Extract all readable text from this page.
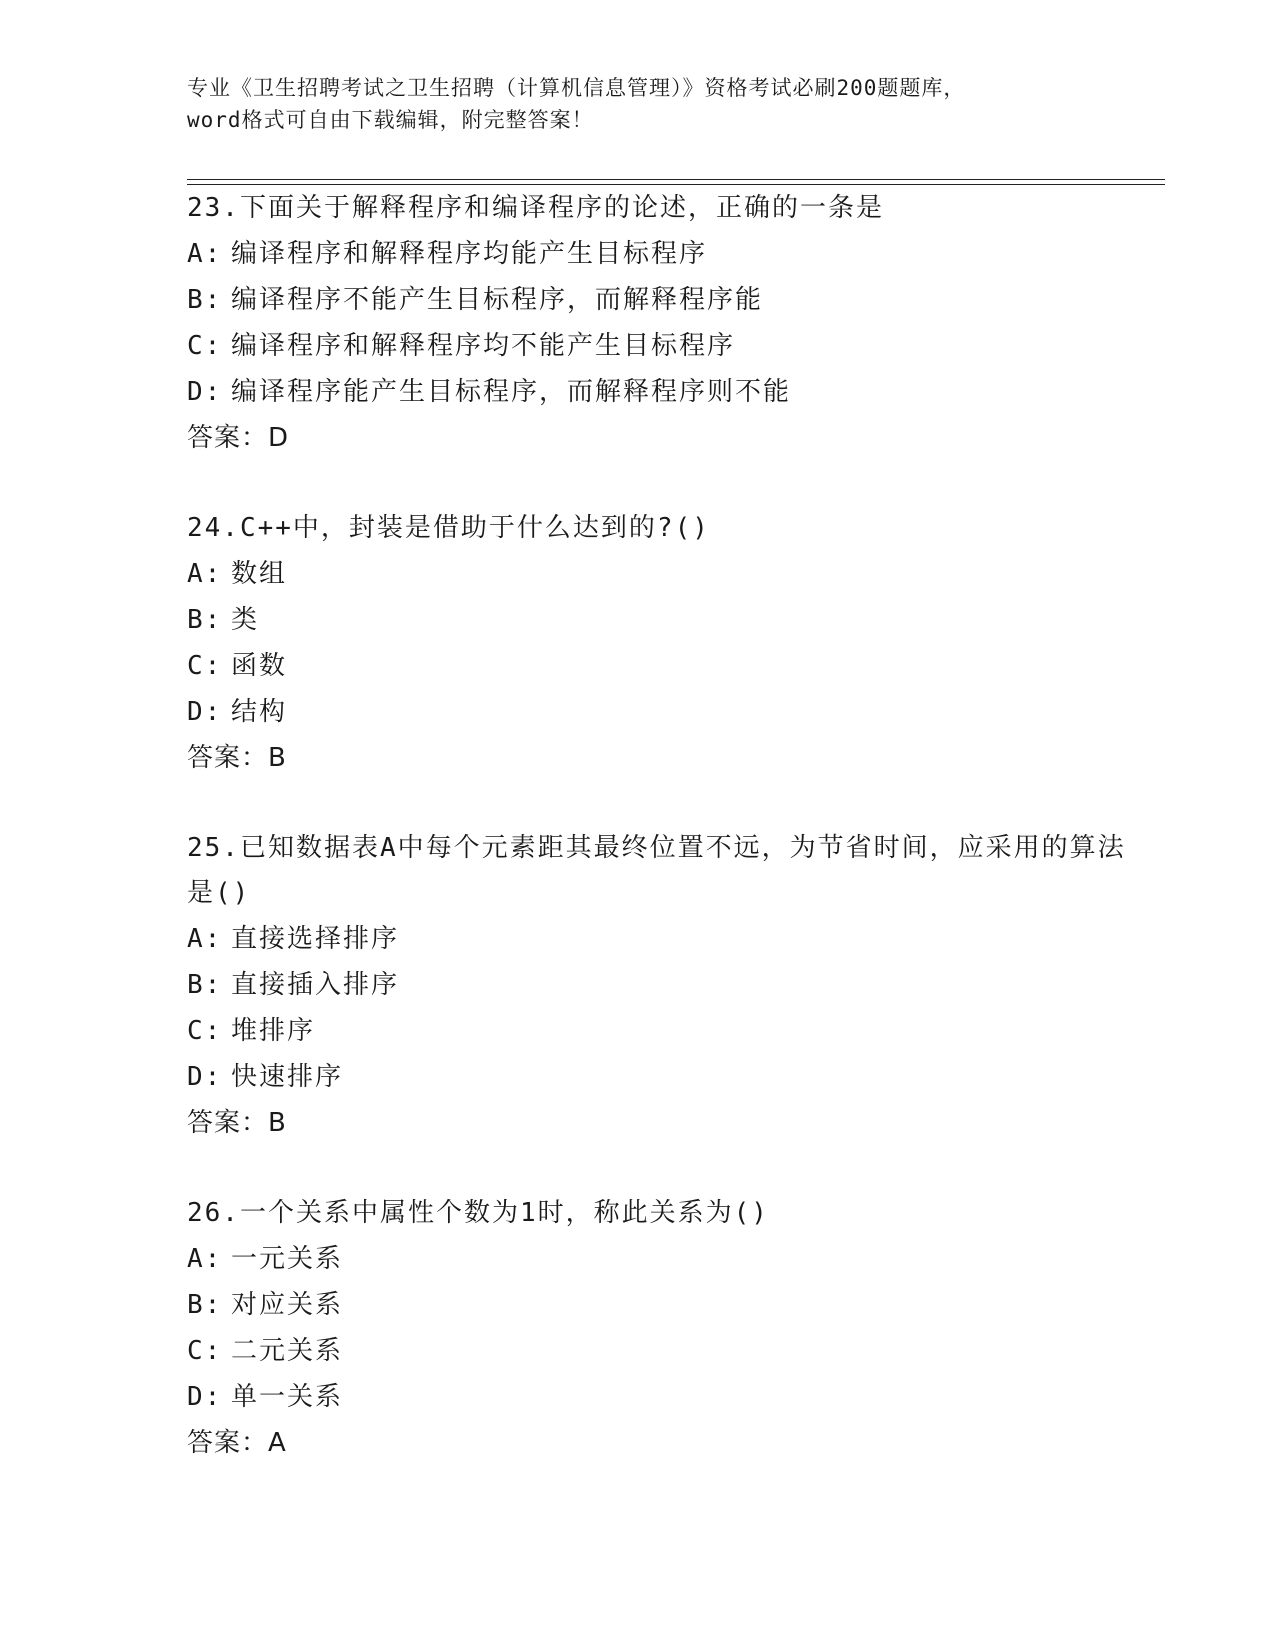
专业《卫生招聘考试之卫生招聘（计算机信息管理）》资格考试必刷200题题库，
word格式可自由下载编辑，附完整答案！

23.下面关于解释程序和编译程序的论述，正确的一条是

A: 编译程序和解释程序均能产生目标程序

B: 编译程序不能产生目标程序，而解释程序能

C: 编译程序和解释程序均不能产生目标程序

D: 编译程序能产生目标程序，而解释程序则不能

答案：D

24.C++中，封装是借助于什么达到的?()

A: 数组

B: 类

C: 函数

D: 结构

答案：B

25.已知数据表A中每个元素距其最终位置不远，为节省时间，应采用的算法是()

A: 直接选择排序

B: 直接插入排序

C: 堆排序

D: 快速排序

答案：B

26.一个关系中属性个数为1时，称此关系为()

A: 一元关系

B: 对应关系

C: 二元关系

D: 单一关系

答案：A
